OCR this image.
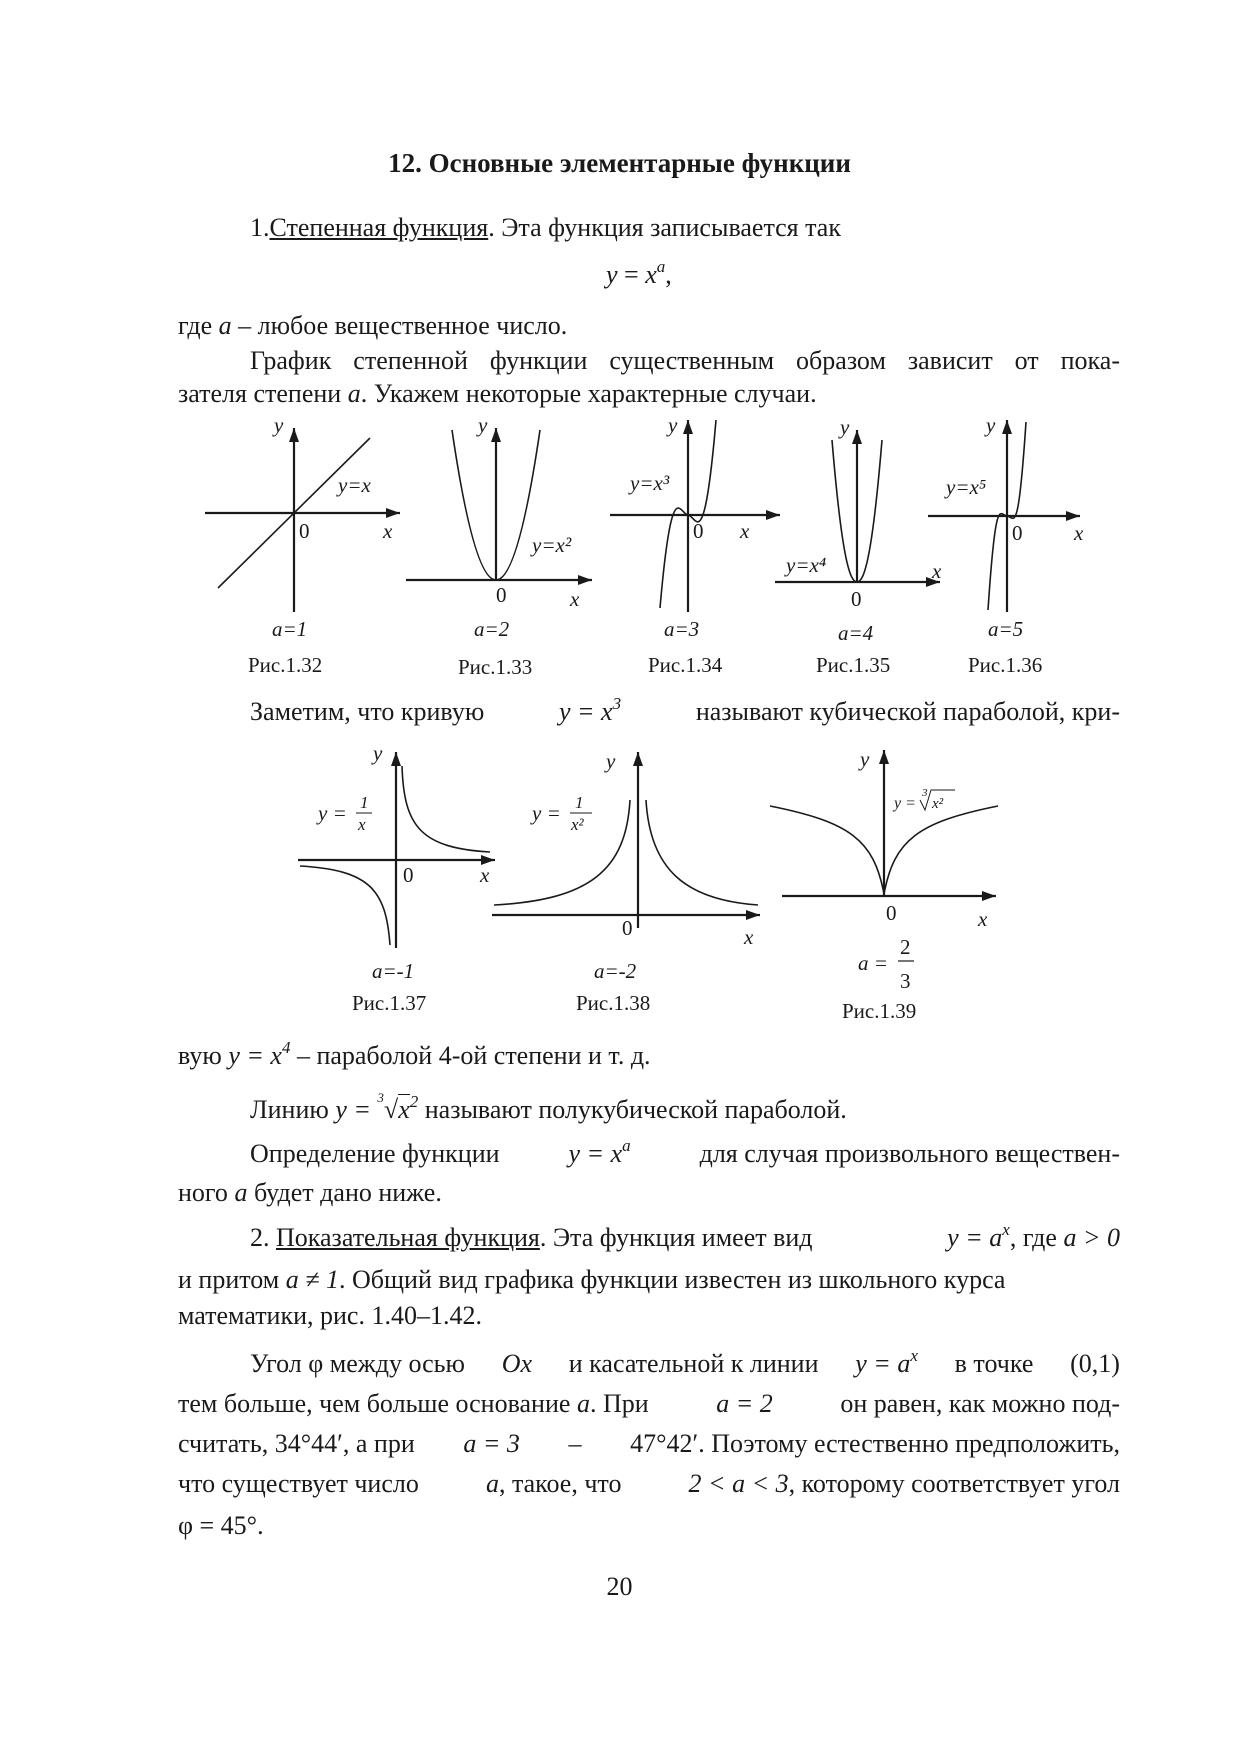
12. Основные элементарные функции
1.Степенная функция. Эта функция записывается так
$y = x^a$,
где a – любое вещественное число.
График степенной функции существенным образом зависит от пока-
зателя степени a. Укажем некоторые характерные случаи.
y
x
0
y=x
a=1
Рис.1.32
y
x
0
y=x²
a=2
Рис.1.33
y
x
0
y=x³
a=3
Рис.1.34
y
x
0
y=x⁴
a=4
Рис.1.35
y
x
0
y=x⁵
a=5
Рис.1.36
Заметим, что кривую	$y = x^3$	называют кубической параболой, кри-
y
x
0
y = 1
x
a=-1
Рис.1.37
y
x
0
y = 1
x²
a=-2
Рис.1.38
y
x
0
y =
3
x²
a =
2
3
Рис.1.39
вую $y = x^4$ – параболой 4-ой степени и т. д.
Линию $y = ^3√x^2$ называют полукубической параболой.
Определение функции	$y = x^a$	для случая произвольного веществен-
ного a будет дано ниже.
2. Показательная функция. Эта функция имеет вид	$y = a^x$, где a > 0
и притом a ≠ 1. Общий вид графика функции известен из школьного курса
математики, рис. 1.40–1.42.
Угол φ между осью Ox и касательной к линии $y = a^x$ в точке (0,1)
тем больше, чем больше основание a. При	a = 2	он равен, как можно под-
считать, 34°44′, а при a = 3 – 47°42′. Поэтому естественно предположить,
что существует число	a, такое, что	2 < a < 3, которому соответствует угол
φ = 45°.
20
